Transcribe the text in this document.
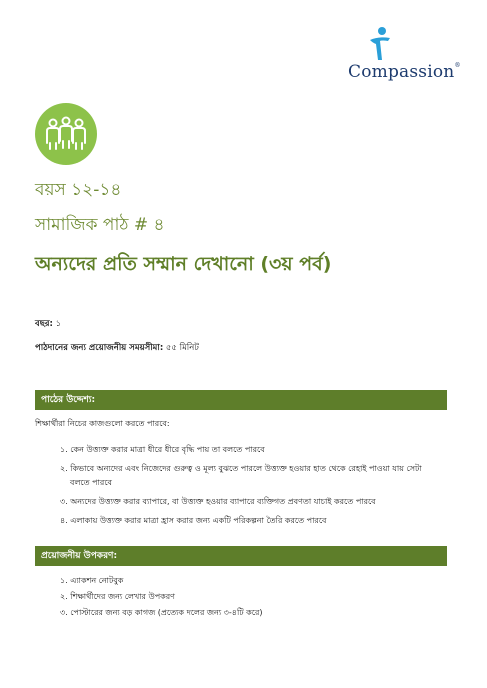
Compassion®
বয়স ১২-১৪
সামাজিক পাঠ # ৪
অন্যদের প্রতি সম্মান দেখানো (৩য় পর্ব)
বছর: ১
পাঠদানের জন্য প্রয়োজনীয় সময়সীমা: ৫৫ মিনিট
পাঠের উদ্দেশ্য:
শিক্ষার্থীরা নিচের কাজগুলো করতে পারবে:
১. কেন উত্ত্যক্ত করার মাত্রা ধীরে ধীরে বৃদ্ধি পায় তা বলতে পারবে
২. কিভাবে অন্যদের এবং নিজেদের গুরুত্ব ও মূল্য বুঝতে পারলে উত্ত্যক্ত হওয়ার হাত থেকে রেহাই পাওয়া যায় সেটা
বলতে পারবে
৩. অন্যদের উত্ত্যক্ত করার ব্যাপারে, বা উত্ত্যক্ত হওয়ার ব্যাপারে ব্যক্তিগত প্রবণতা যাচাই করতে পারবে
৪. এলাকায় উত্ত্যক্ত করার মাত্রা হ্রাস করার জন্য একটি পরিকল্পনা তৈরি করতে পারবে
প্রয়োজনীয় উপকরণ:
১. এ্যাকশন নোটবুক
২. শিক্ষার্থীদের জন্য লেখার উপকরণ
৩. পোস্টারের জন্য বড় কাগজ (প্রত্যেক দলের জন্য ৩-৪টি করে)
